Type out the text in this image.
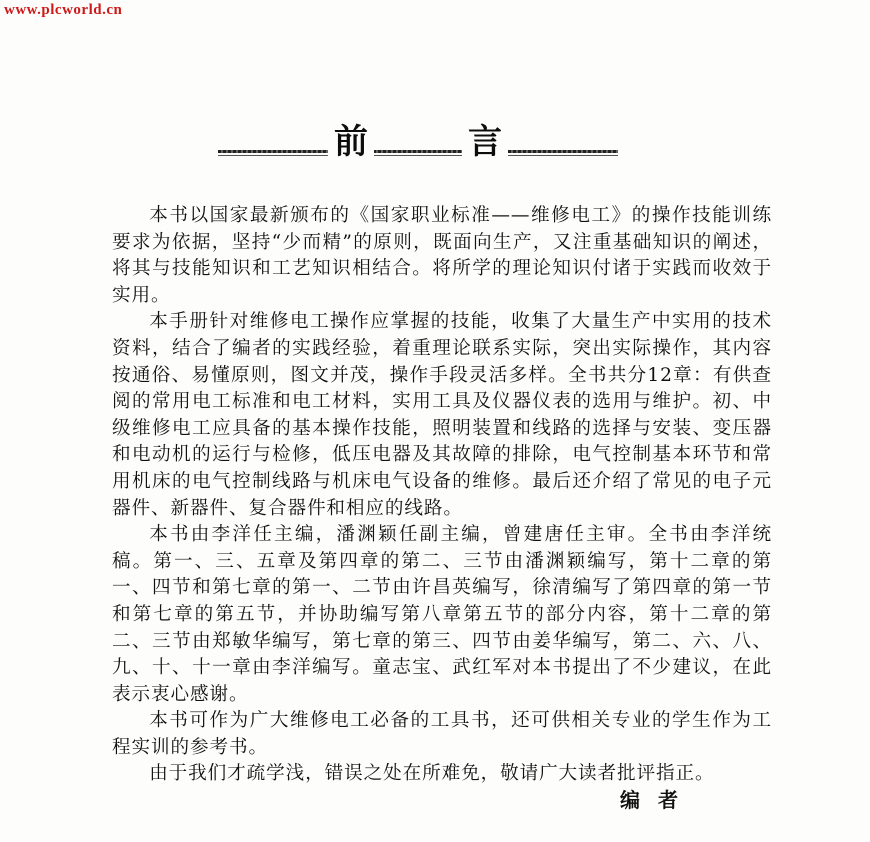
www.plcworld.cn
前	言

本书以国家最新颁布的《国家职业标准——维修电工》的操作技能训练要求为依据，坚持“少而精”的原则，既面向生产，又注重基础知识的阐述，将其与技能知识和工艺知识相结合。将所学的理论知识付诸于实践而收效于实用。

本手册针对维修电工操作应掌握的技能，收集了大量生产中实用的技术资料，结合了编者的实践经验，着重理论联系实际，突出实际操作，其内容按通俗、易懂原则，图文并茂，操作手段灵活多样。全书共分12章：有供查阅的常用电工标准和电工材料，实用工具及仪器仪表的选用与维护。初、中级维修电工应具备的基本操作技能，照明装置和线路的选择与安装、变压器和电动机的运行与检修，低压电器及其故障的排除，电气控制基本环节和常用机床的电气控制线路与机床电气设备的维修。最后还介绍了常见的电子元器件、新器件、复合器件和相应的线路。

本书由李洋任主编，潘渊颖任副主编，曾建唐任主审。全书由李洋统稿。第一、三、五章及第四章的第二、三节由潘渊颖编写，第十二章的第一、四节和第七章的第一、二节由许昌英编写，徐清编写了第四章的第一节和第七章的第五节，并协助编写第八章第五节的部分内容，第十二章的第二、三节由郑敏华编写，第七章的第三、四节由姜华编写，第二、六、八、九、十、十一章由李洋编写。童志宝、武红军对本书提出了不少建议，在此表示衷心感谢。

本书可作为广大维修电工必备的工具书，还可供相关专业的学生作为工程实训的参考书。

由于我们才疏学浅，错误之处在所难免，敬请广大读者批评指正。

编者
